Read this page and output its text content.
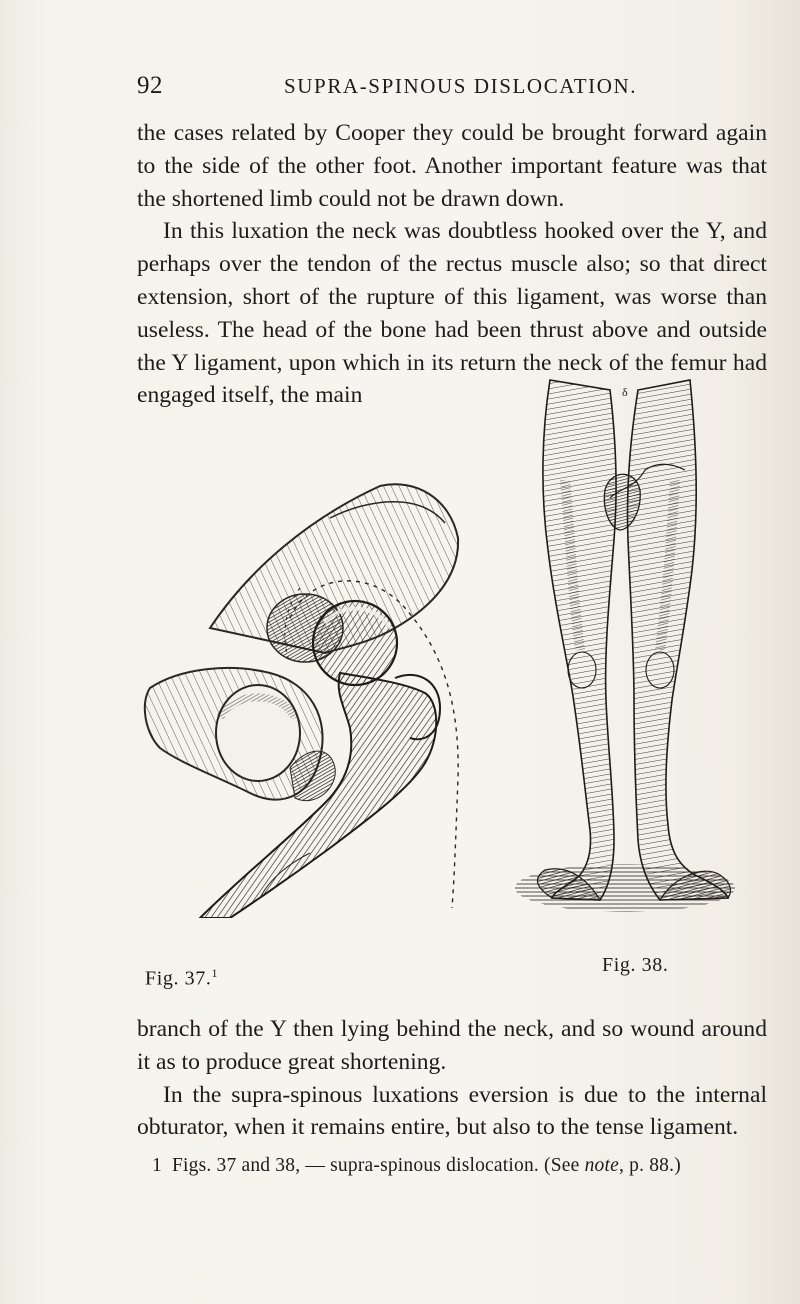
92	SUPRA-SPINOUS DISLOCATION.

the cases related by Cooper they could be brought forward again to the side of the other foot. Another important feature was that the shortened limb could not be drawn down.

In this luxation the neck was doubtless hooked over the Y, and perhaps over the tendon of the rectus muscle also; so that direct extension, short of the rupture of this ligament, was worse than useless. The head of the bone had been thrust above and outside the Y ligament, upon which in its return the neck of the femur had engaged itself, the main	δ
Fig. 37.$^1$	Fig. 38.

branch of the Y then lying behind the neck, and so wound around it as to produce great shortening.

In the supra-spinous luxations eversion is due to the internal obturator, when it remains entire, but also to the tense ligament.

1 Figs. 37 and 38, — supra-spinous dislocation. (See note, p. 88.)
